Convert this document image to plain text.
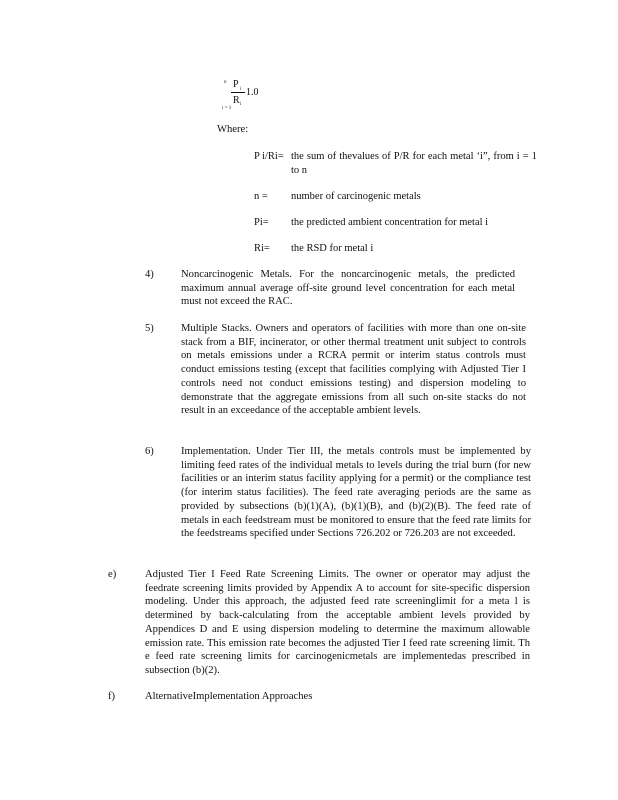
n
i = 1
P i
R i
1.0
Where:
P i/Ri= the sum of thevalues of P/R for each metal ‘i”, from i = 1 to n
n = number of carcinogenic metals
Pi= the predicted ambient concentration for metal i
Ri= the RSD for metal i
4)	Noncarcinogenic Metals. For the noncarcinogenic metals, the predicted maximum annual average off-site ground level concentration for each metal must not exceed the RAC.
5)	Multiple Stacks. Owners and operators of facilities with more than one on-site stack from a BIF, incinerator, or other thermal treatment unit subject to controls on metals emissions under a RCRA permit or interim status controls must conduct emissions testing (except that facilities complying with Adjusted Tier I controls need not conduct emissions testing) and dispersion modeling to demonstrate that the aggregate emissions from all such on-site stacks do not result in an exceedance of the acceptable ambient levels.
6)	Implementation. Under Tier III, the metals controls must be implemented by limiting feed rates of the individual metals to levels during the trial burn (for new facilities or an interim status facility applying for a permit) or the compliance test (for interim status facilities). The feed rate averaging periods are the same as provided by subsections (b)(1)(A), (b)(1)(B), and (b)(2)(B). The feed rate of metals in each feedstream must be monitored to ensure that the feed rate limits for the feedstreams specified under Sections 726.202 or 726.203 are not exceeded.
e)	Adjusted Tier I Feed Rate Screening Limits. The owner or operator may adjust the feedrate screening limits provided by Appendix A to account for site-specific dispersion modeling. Under this approach, the adjusted feed rate screeninglimit for a meta l is determined by back-calculating from the acceptable ambient levels provided by Appendices D and E using dispersion modeling to determine the maximum allowable emission rate. This emission rate becomes the adjusted Tier I feed rate screening limit. Th e feed rate screening limits for carcinogenicmetals are implementedas prescribed in subsection (b)(2).
f)	AlternativeImplementation Approaches
